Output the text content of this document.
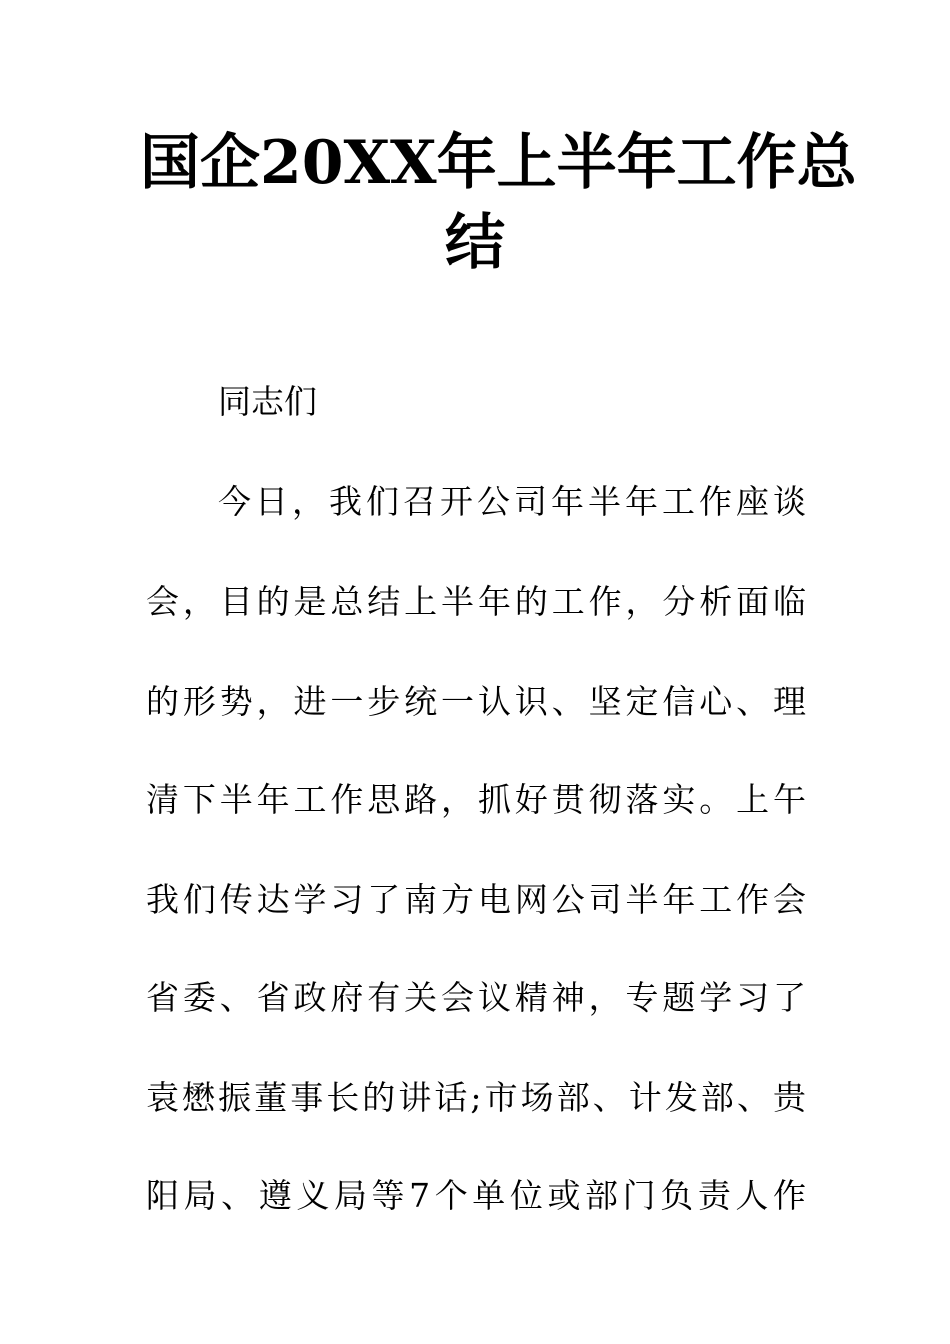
国企20XX年上半年工作总
结

同志们

今日，我们召开公司年半年工作座谈

会，目的是总结上半年的工作，分析面临

的形势，进一步统一认识、坚定信心、理

清下半年工作思路，抓好贯彻落实。上午

我们传达学习了南方电网公司半年工作会

省委、省政府有关会议精神，专题学习了

袁懋振董事长的讲话;市场部、计发部、贵

阳局、遵义局等7个单位或部门负责人作
